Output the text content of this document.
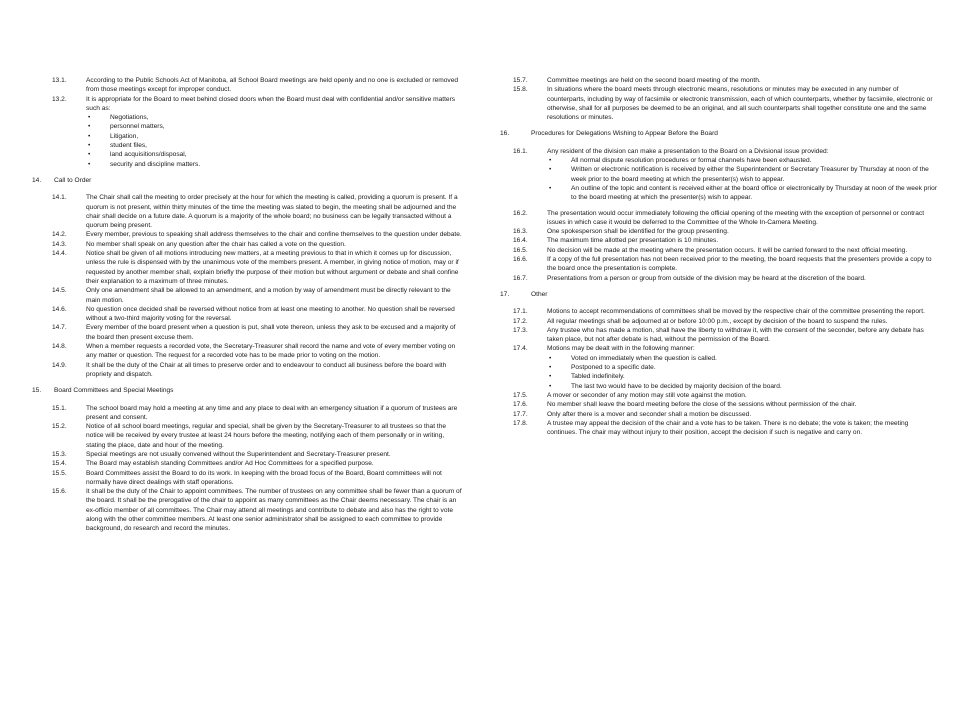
13.1.	According to the Public Schools Act of Manitoba, all School Board meetings are held openly and no one is excluded or removed from those meetings except for improper conduct.
13.2.	It is appropriate for the Board to meet behind closed doors when the Board must deal with confidential and/or sensitive matters such as:
•	Negotiations,
•	personnel matters,
•	Litigation,
•	student files,
•	land acquisitions/disposal,
•	security and discipline matters.
14.	Call to Order
14.1.	The Chair shall call the meeting to order precisely at the hour for which the meeting is called, providing a quorum is present. If a quorum is not present, within thirty minutes of the time the meeting was slated to begin, the meeting shall be adjourned and the chair shall decide on a future date. A quorum is a majority of the whole board; no business can be legally transacted without a quorum being present.
14.2.	Every member, previous to speaking shall address themselves to the chair and confine themselves to the question under debate.
14.3.	No member shall speak on any question after the chair has called a vote on the question.
14.4.	Notice shall be given of all motions introducing new matters, at a meeting previous to that in which it comes up for discussion, unless the rule is dispensed with by the unanimous vote of the members present. A member, in giving notice of motion, may or if requested by another member shall, explain briefly the purpose of their motion but without argument or debate and shall confine their explanation to a maximum of three minutes.
14.5.	Only one amendment shall be allowed to an amendment, and a motion by way of amendment must be directly relevant to the main motion.
14.6.	No question once decided shall be reversed without notice from at least one meeting to another. No question shall be reversed without a two-third majority voting for the reversal.
14.7.	Every member of the board present when a question is put, shall vote thereon, unless they ask to be excused and a majority of the board then present excuse them.
14.8.	When a member requests a recorded vote, the Secretary-Treasurer shall record the name and vote of every member voting on any matter or question. The request for a recorded vote has to be made prior to voting on the motion.
14.9.	It shall be the duty of the Chair at all times to preserve order and to endeavour to conduct all business before the board with propriety and dispatch.
15.	Board Committees and Special Meetings
15.1.	The school board may hold a meeting at any time and any place to deal with an emergency situation if a quorum of trustees are present and consent.
15.2.	Notice of all school board meetings, regular and special, shall be given by the Secretary-Treasurer to all trustees so that the notice will be received by every trustee at least 24 hours before the meeting, notifying each of them personally or in writing, stating the place, date and hour of the meeting.
15.3.	Special meetings are not usually convened without the Superintendent and Secretary-Treasurer present.
15.4.	The Board may establish standing Committees and/or Ad Hoc Committees for a specified purpose.
15.5.	Board Committees assist the Board to do its work. In keeping with the broad focus of the Board, Board committees will not normally have direct dealings with staff operations.
15.6.	It shall be the duty of the Chair to appoint committees. The number of trustees on any committee shall be fewer than a quorum of the board. It shall be the prerogative of the chair to appoint as many committees as the Chair deems necessary. The chair is an ex-officio member of all committees. The Chair may attend all meetings and contribute to debate and also has the right to vote along with the other committee members. At least one senior administrator shall be assigned to each committee to provide background, do research and record the minutes.
15.7.	Committee meetings are held on the second board meeting of the month.
15.8.	In situations where the board meets through electronic means, resolutions or minutes may be executed in any number of counterparts, including by way of facsimile or electronic transmission, each of which counterparts, whether by facsimile, electronic or otherwise, shall for all purposes be deemed to be an original, and all such counterparts shall together constitute one and the same resolutions or minutes.
16.	Procedures for Delegations Wishing to Appear Before the Board
16.1.	Any resident of the division can make a presentation to the Board on a Divisional issue provided:
•	All normal dispute resolution procedures or formal channels have been exhausted.
•	Written or electronic notification is received by either the Superintendent or Secretary Treasurer by Thursday at noon of the week prior to the board meeting at which the presenter(s) wish to appear.
•	An outline of the topic and content is received either at the board office or electronically by Thursday at noon of the week prior to the board meeting at which the presenter(s) wish to appear.
16.2.	The presentation would occur immediately following the official opening of the meeting with the exception of personnel or contract issues in which case it would be deferred to the Committee of the Whole In-Camera Meeting.
16.3.	One spokesperson shall be identified for the group presenting.
16.4.	The maximum time allotted per presentation is 10 minutes.
16.5.	No decision will be made at the meeting where the presentation occurs. It will be carried forward to the next official meeting.
16.6.	If a copy of the full presentation has not been received prior to the meeting, the board requests that the presenters provide a copy to the board once the presentation is complete.
16.7.	Presentations from a person or group from outside of the division may be heard at the discretion of the board.
17.	Other
17.1.	Motions to accept recommendations of committees shall be moved by the respective chair of the committee presenting the report.
17.2.	All regular meetings shall be adjourned at or before 10:00 p.m., except by decision of the board to suspend the rules.
17.3.	Any trustee who has made a motion, shall have the liberty to withdraw it, with the consent of the seconder, before any debate has taken place, but not after debate is had, without the permission of the Board.
17.4.	Motions may be dealt with in the following manner:
•	Voted on immediately when the question is called.
•	Postponed to a specific date.
•	Tabled indefinitely.
•	The last two would have to be decided by majority decision of the board.
17.5.	A mover or seconder of any motion may still vote against the motion.
17.6.	No member shall leave the board meeting before the close of the sessions without permission of the chair.
17.7.	Only after there is a mover and seconder shall a motion be discussed.
17.8.	A trustee may appeal the decision of the chair and a vote has to be taken. There is no debate; the vote is taken; the meeting continues. The chair may without injury to their position, accept the decision if such is negative and carry on.
